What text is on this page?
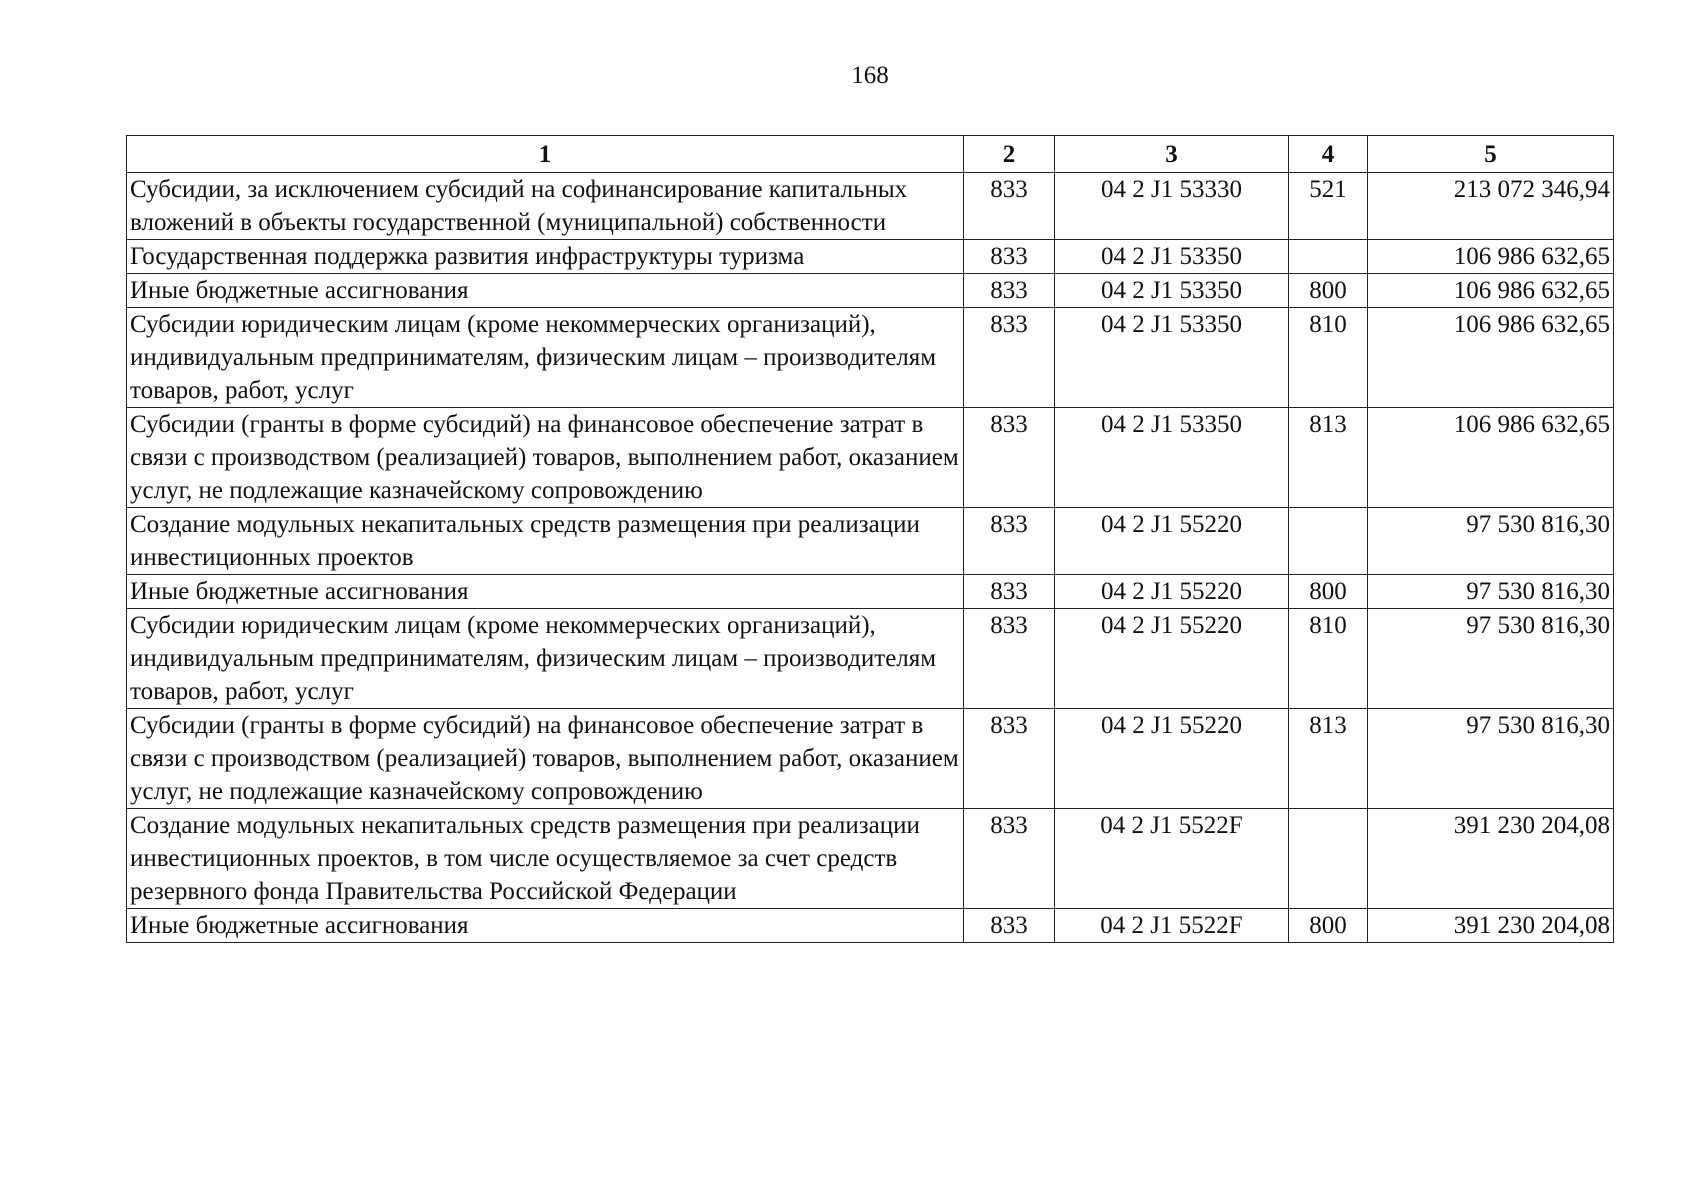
168
1	2	3	4	5
Субсидии, за исключением субсидий на софинансирование капитальных вложений в объекты государственной (муниципальной) собственности	833	04 2 J1 53330	521	213 072 346,94
Государственная поддержка развития инфраструктуры туризма	833	04 2 J1 53350		106 986 632,65
Иные бюджетные ассигнования	833	04 2 J1 53350	800	106 986 632,65
Субсидии юридическим лицам (кроме некоммерческих организаций), индивидуальным предпринимателям, физическим лицам – производителям товаров, работ, услуг	833	04 2 J1 53350	810	106 986 632,65
Субсидии (гранты в форме субсидий) на финансовое обеспечение затрат в связи с производством (реализацией) товаров, выполнением работ, оказанием услуг, не подлежащие казначейскому сопровождению	833	04 2 J1 53350	813	106 986 632,65
Создание модульных некапитальных средств размещения при реализации инвестиционных проектов	833	04 2 J1 55220		97 530 816,30
Иные бюджетные ассигнования	833	04 2 J1 55220	800	97 530 816,30
Субсидии юридическим лицам (кроме некоммерческих организаций), индивидуальным предпринимателям, физическим лицам – производителям товаров, работ, услуг	833	04 2 J1 55220	810	97 530 816,30
Субсидии (гранты в форме субсидий) на финансовое обеспечение затрат в связи с производством (реализацией) товаров, выполнением работ, оказанием услуг, не подлежащие казначейскому сопровождению	833	04 2 J1 55220	813	97 530 816,30
Создание модульных некапитальных средств размещения при реализации инвестиционных проектов, в том числе осуществляемое за счет средств резервного фонда Правительства Российской Федерации	833	04 2 J1 5522F		391 230 204,08
Иные бюджетные ассигнования	833	04 2 J1 5522F	800	391 230 204,08
